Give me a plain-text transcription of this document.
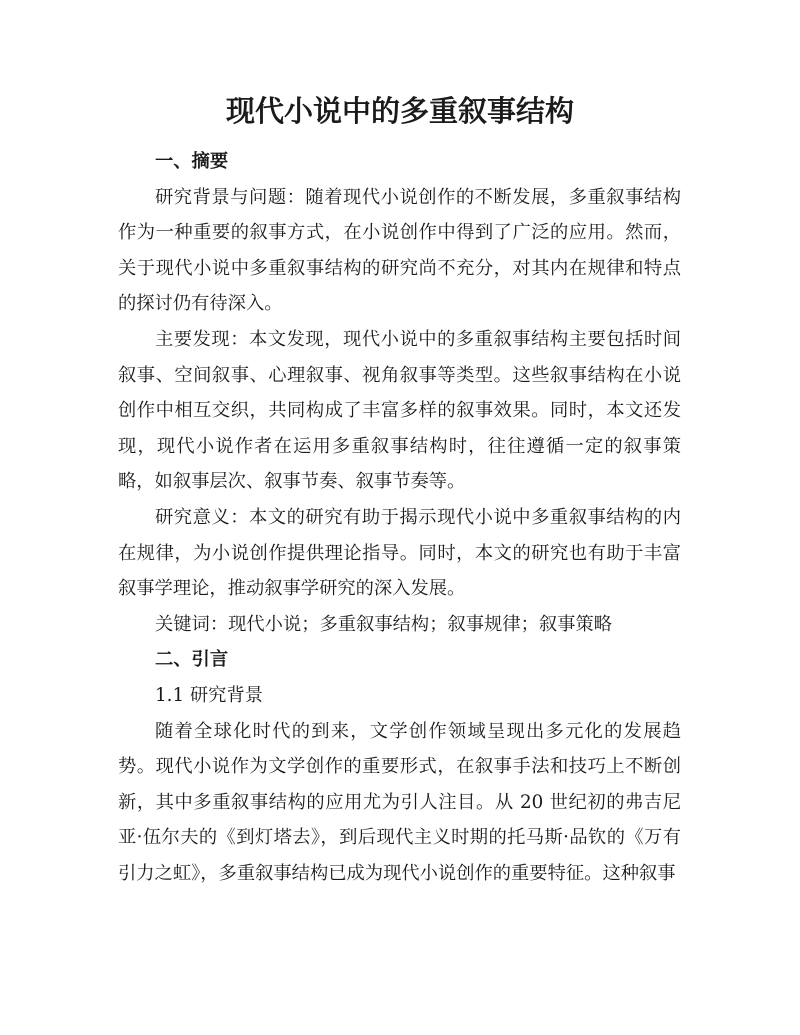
现代小说中的多重叙事结构

一、摘要

研究背景与问题：随着现代小说创作的不断发展，多重叙事结构作为一种重要的叙事方式，在小说创作中得到了广泛的应用。然而，关于现代小说中多重叙事结构的研究尚不充分，对其内在规律和特点的探讨仍有待深入。

主要发现：本文发现，现代小说中的多重叙事结构主要包括时间叙事、空间叙事、心理叙事、视角叙事等类型。这些叙事结构在小说创作中相互交织，共同构成了丰富多样的叙事效果。同时，本文还发现，现代小说作者在运用多重叙事结构时，往往遵循一定的叙事策略，如叙事层次、叙事节奏、叙事节奏等。

研究意义：本文的研究有助于揭示现代小说中多重叙事结构的内在规律，为小说创作提供理论指导。同时，本文的研究也有助于丰富叙事学理论，推动叙事学研究的深入发展。

关键词：现代小说；多重叙事结构；叙事规律；叙事策略

二、引言

1.1 研究背景

随着全球化时代的到来，文学创作领域呈现出多元化的发展趋势。现代小说作为文学创作的重要形式，在叙事手法和技巧上不断创新，其中多重叙事结构的应用尤为引人注目。从 20 世纪初的弗吉尼亚·伍尔夫的《到灯塔去》，到后现代主义时期的托马斯·品钦的《万有引力之虹》，多重叙事结构已成为现代小说创作的重要特征。这种叙事
